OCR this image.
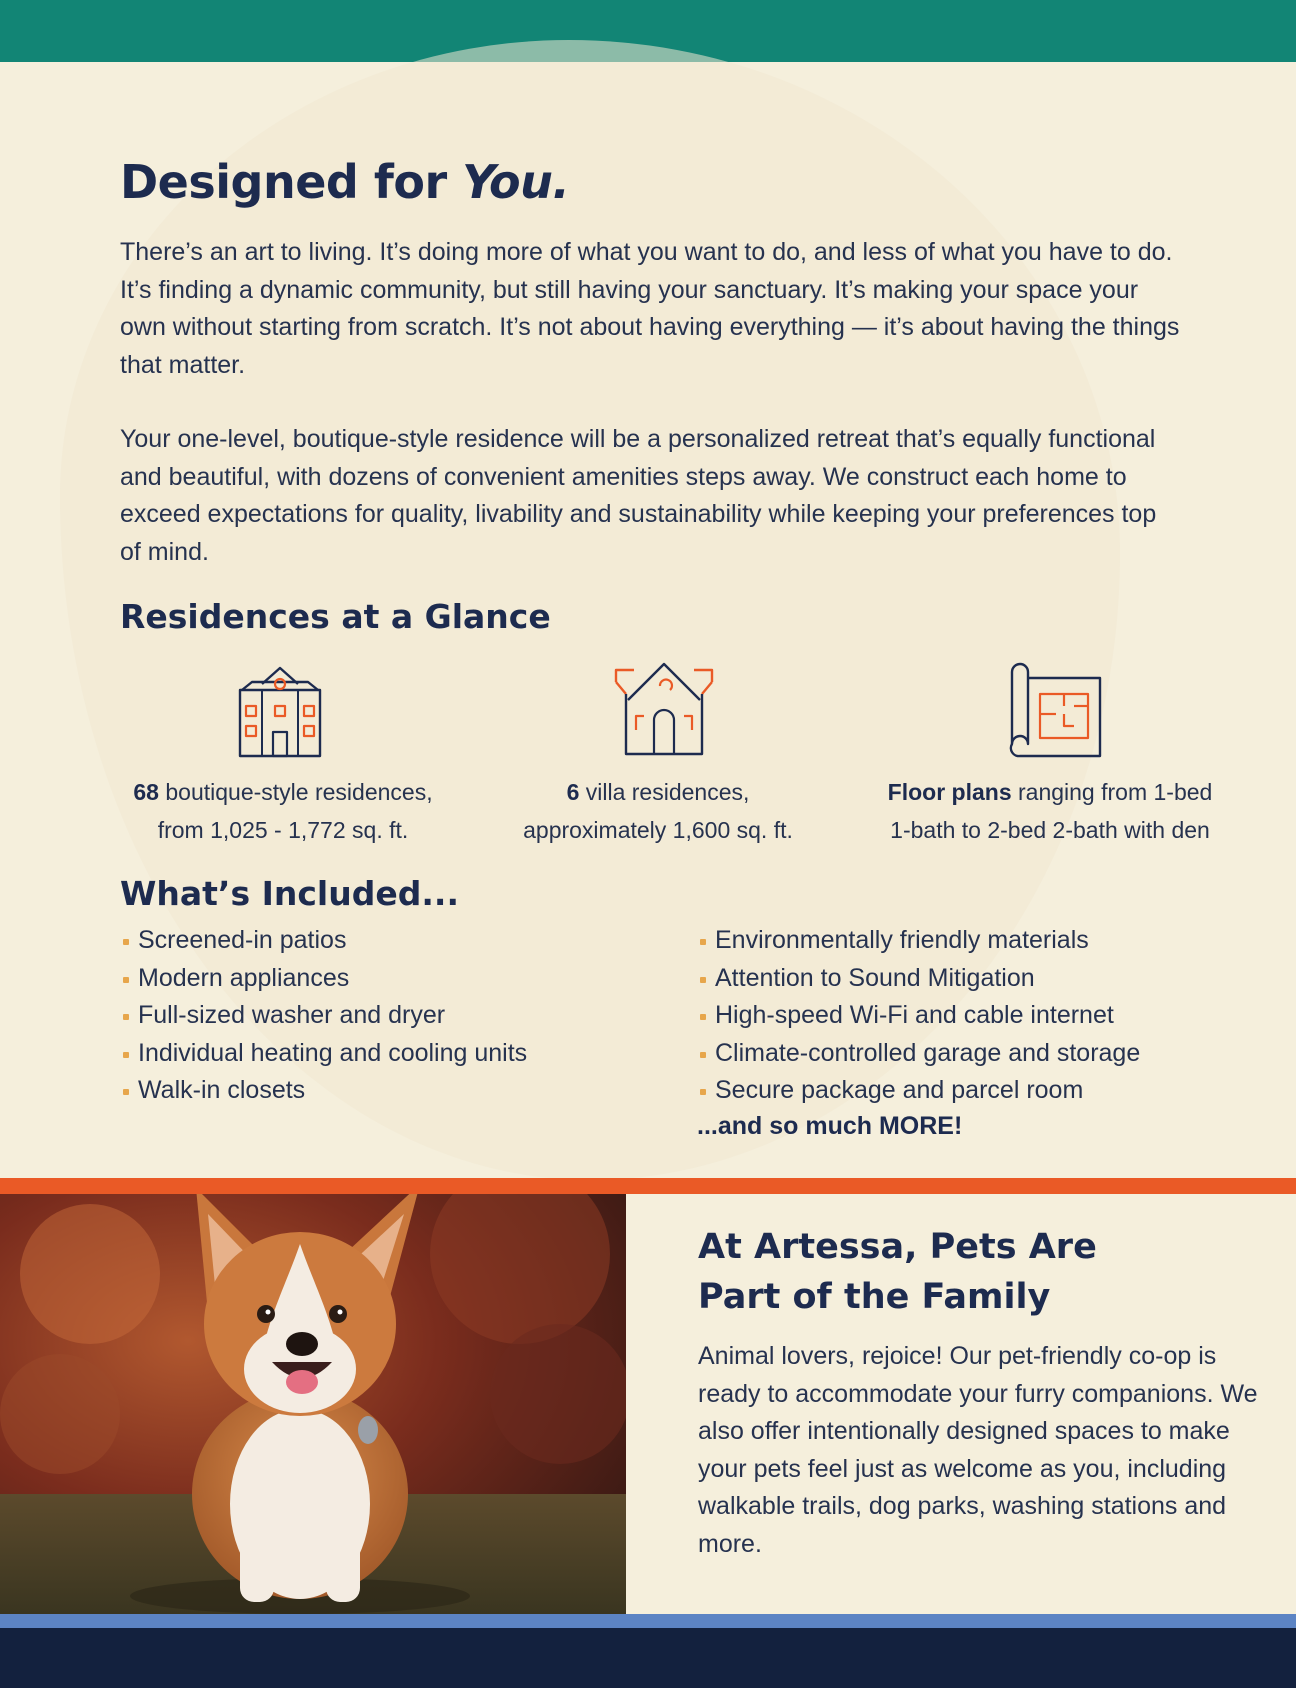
Designed for You.

There’s an art to living. It’s doing more of what you want to do, and less of what you have to do. It’s finding a dynamic community, but still having your sanctuary. It’s making your space your own without starting from scratch. It’s not about having everything — it’s about having the things that matter.

Your one-level, boutique-style residence will be a personalized retreat that’s equally functional and beautiful, with dozens of convenient amenities steps away. We construct each home to exceed expectations for quality, livability and sustainability while keeping your preferences top of mind.

Residences at a Glance
68 boutique-style residences,
from 1,025 - 1,772 sq. ft.
6 villa residences,
approximately 1,600 sq. ft.
Floor plans ranging from 1-bed
1-bath to 2-bed 2-bath with den
What’s Included...
Screened-in patios
Modern appliances
Full-sized washer and dryer
Individual heating and cooling units
Walk-in closets
Environmentally friendly materials
Attention to Sound Mitigation
High-speed Wi-Fi and cable internet
Climate-controlled garage and storage
Secure package and parcel room
...and so much MORE!
At Artessa, Pets Are
Part of the Family

Animal lovers, rejoice! Our pet-friendly co-op is ready to accommodate your furry companions. We also offer intentionally designed spaces to make your pets feel just as welcome as you, including walkable trails, dog parks, washing stations and more.
